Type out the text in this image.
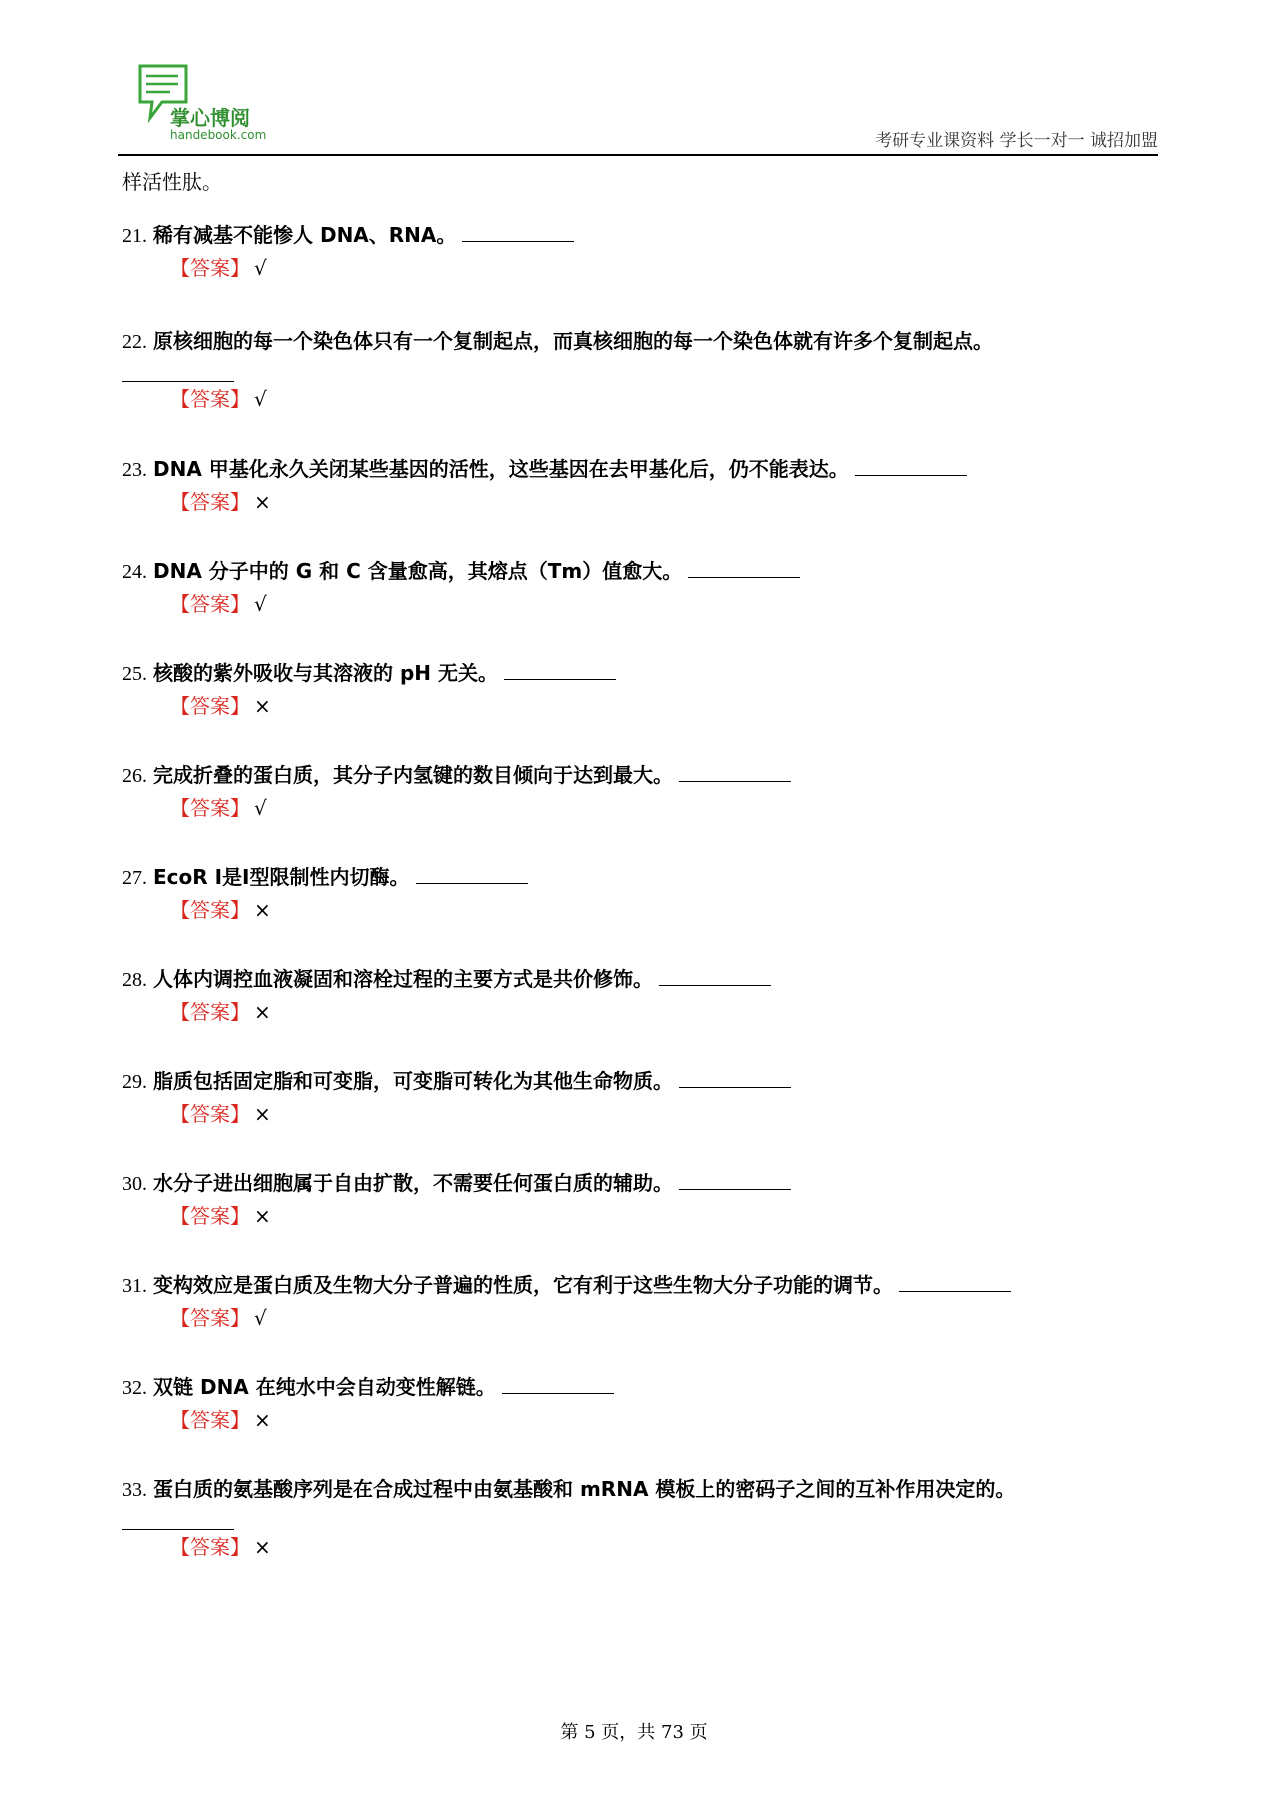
掌心博阅
handebook.com	考研专业课资料 学长一对一 诚招加盟
样活性肽。
21. 稀有减基不能惨人 DNA、RNA。
【答案】 √
22. 原核细胞的每一个染色体只有一个复制起点，而真核细胞的每一个染色体就有许多个复制起点。
【答案】 √
23. DNA 甲基化永久关闭某些基因的活性，这些基因在去甲基化后，仍不能表达。
【答案】 ×
24. DNA 分子中的 G 和 C 含量愈高，其熔点（Tm）值愈大。
【答案】 √
25. 核酸的紫外吸收与其溶液的 pH 无关。
【答案】 ×
26. 完成折叠的蛋白质，其分子内氢键的数目倾向于达到最大。
【答案】 √
27. EcoR Ⅰ是Ⅰ型限制性内切酶。
【答案】 ×
28. 人体内调控血液凝固和溶栓过程的主要方式是共价修饰。
【答案】 ×
29. 脂质包括固定脂和可变脂，可变脂可转化为其他生命物质。
【答案】 ×
30. 水分子进出细胞属于自由扩散，不需要任何蛋白质的辅助。
【答案】 ×
31. 变构效应是蛋白质及生物大分子普遍的性质，它有利于这些生物大分子功能的调节。
【答案】 √
32. 双链 DNA 在纯水中会自动变性解链。
【答案】 ×
33. 蛋白质的氨基酸序列是在合成过程中由氨基酸和 mRNA 模板上的密码子之间的互补作用决定的。
【答案】 ×
第 5 页，共 73 页
